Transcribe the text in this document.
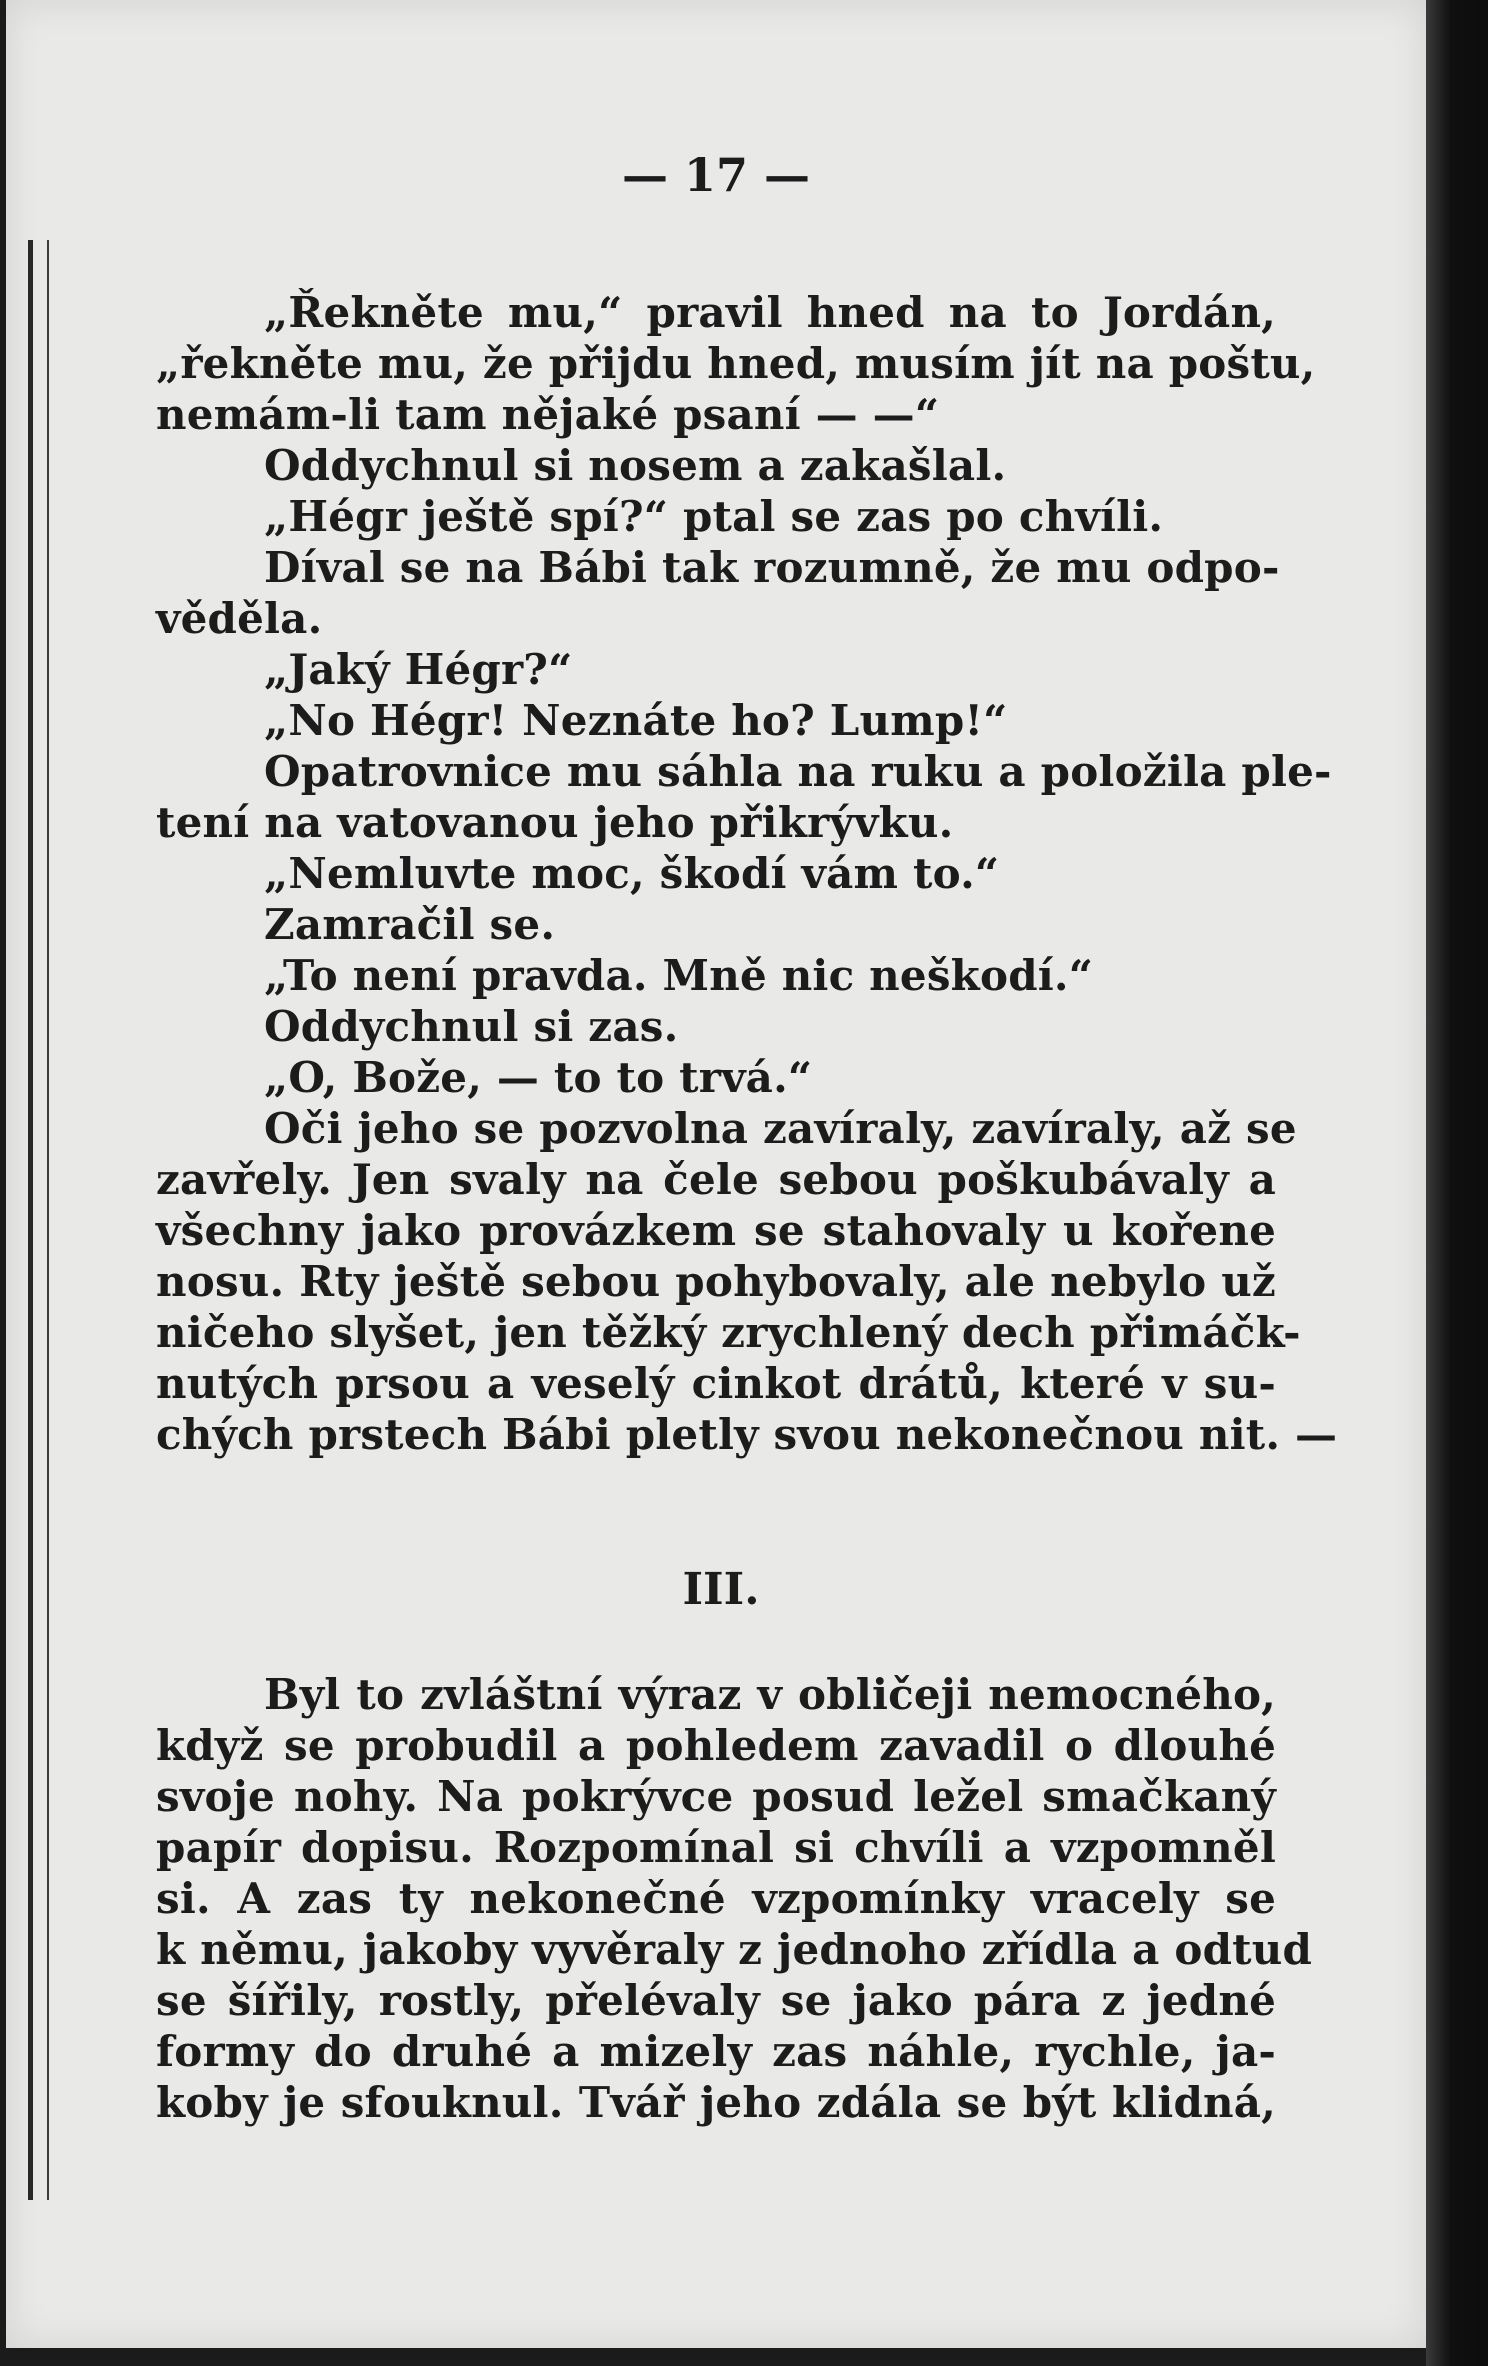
— 17 —
„Řekněte mu,“ pravil hned na to Jordán,
„řekněte mu, že přijdu hned, musím jít na poštu,
nemám-li tam nějaké psaní — —“
Oddychnul si nosem a zakašlal.
„Hégr ještě spí?“ ptal se zas po chvíli.
Díval se na Bábi tak rozumně, že mu odpo-
věděla.
„Jaký Hégr?“
„No Hégr! Neznáte ho? Lump!“
Opatrovnice mu sáhla na ruku a položila ple-
tení na vatovanou jeho přikrývku.
„Nemluvte moc, škodí vám to.“
Zamračil se.
„To není pravda. Mně nic neškodí.“
Oddychnul si zas.
„O, Bože, — to to trvá.“
Oči jeho se pozvolna zavíraly, zavíraly, až se
zavřely. Jen svaly na čele sebou poškubávaly a
všechny jako provázkem se stahovaly u kořene
nosu. Rty ještě sebou pohybovaly, ale nebylo už
ničeho slyšet, jen těžký zrychlený dech přimáčk-
nutých prsou a veselý cinkot drátů, které v su-
chých prstech Bábi pletly svou nekonečnou nit. —
III.
Byl to zvláštní výraz v obličeji nemocného,
když se probudil a pohledem zavadil o dlouhé
svoje nohy. Na pokrývce posud ležel smačkaný
papír dopisu. Rozpomínal si chvíli a vzpomněl
si. A zas ty nekonečné vzpomínky vracely se
k němu, jakoby vyvěraly z jednoho zřídla a odtud
se šířily, rostly, přelévaly se jako pára z jedné
formy do druhé a mizely zas náhle, rychle, ja-
koby je sfouknul. Tvář jeho zdála se být klidná,
